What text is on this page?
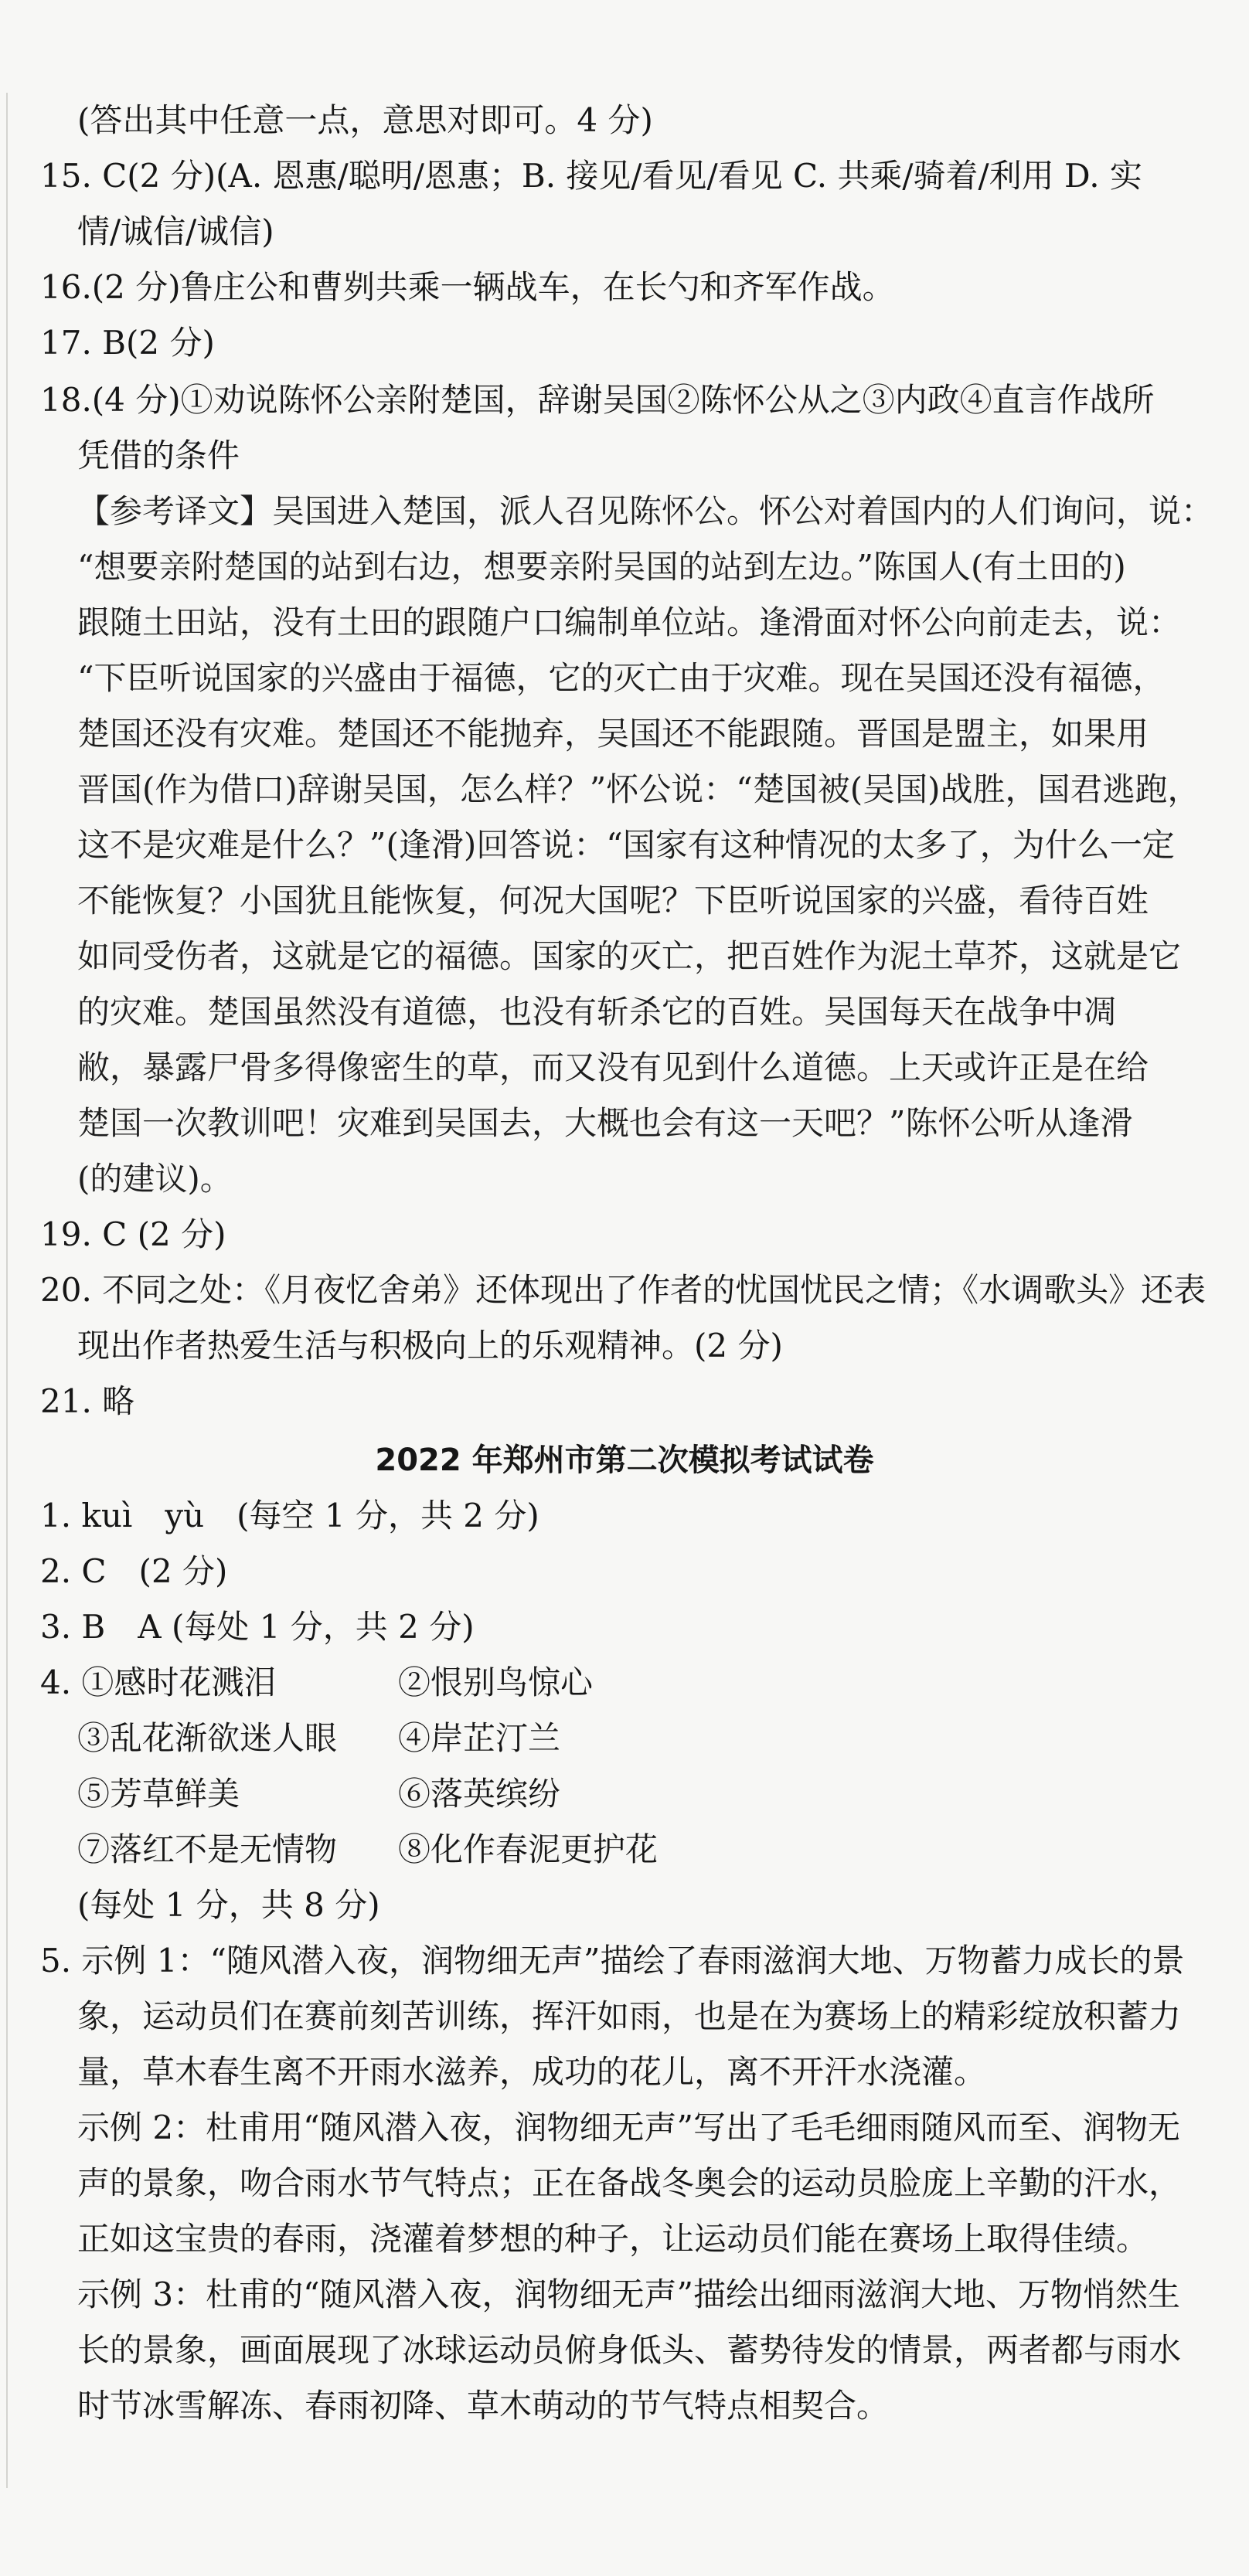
(答出其中任意一点，意思对即可。4 分)
15. C(2 分)(A. 恩惠/聪明/恩惠；B. 接见/看见/看见 C. 共乘/骑着/利用 D. 实
情/诚信/诚信)
16.(2 分)鲁庄公和曹刿共乘一辆战车，在长勺和齐军作战。
17. B(2 分)
18.(4 分)①劝说陈怀公亲附楚国，辞谢吴国②陈怀公从之③内政④直言作战所
凭借的条件
【参考译文】吴国进入楚国，派人召见陈怀公。怀公对着国内的人们询问，说：
“想要亲附楚国的站到右边，想要亲附吴国的站到左边。”陈国人(有土田的)
跟随土田站，没有土田的跟随户口编制单位站。逢滑面对怀公向前走去，说：
“下臣听说国家的兴盛由于福德，它的灭亡由于灾难。现在吴国还没有福德，
楚国还没有灾难。楚国还不能抛弃，吴国还不能跟随。晋国是盟主，如果用
晋国(作为借口)辞谢吴国，怎么样？”怀公说：“楚国被(吴国)战胜，国君逃跑，
这不是灾难是什么？”(逢滑)回答说：“国家有这种情况的太多了，为什么一定
不能恢复？小国犹且能恢复，何况大国呢？下臣听说国家的兴盛，看待百姓
如同受伤者，这就是它的福德。国家的灭亡，把百姓作为泥土草芥，这就是它
的灾难。楚国虽然没有道德，也没有斩杀它的百姓。吴国每天在战争中凋
敝，暴露尸骨多得像密生的草，而又没有见到什么道德。上天或许正是在给
楚国一次教训吧！灾难到吴国去，大概也会有这一天吧？”陈怀公听从逢滑
(的建议)。
19. C (2 分)
20. 不同之处：《月夜忆舍弟》还体现出了作者的忧国忧民之情；《水调歌头》还表
现出作者热爱生活与积极向上的乐观精神。(2 分)
21. 略
2022 年郑州市第二次模拟考试试卷
1. kuì　yù　(每空 1 分，共 2 分)
2. C　(2 分)
3. B　A (每处 1 分，共 2 分)
4. ①感时花溅泪	②恨别鸟惊心
③乱花渐欲迷人眼	④岸芷汀兰
⑤芳草鲜美	⑥落英缤纷
⑦落红不是无情物	⑧化作春泥更护花
(每处 1 分，共 8 分)
5. 示例 1：“随风潜入夜，润物细无声”描绘了春雨滋润大地、万物蓄力成长的景
象，运动员们在赛前刻苦训练，挥汗如雨，也是在为赛场上的精彩绽放积蓄力
量，草木春生离不开雨水滋养，成功的花儿，离不开汗水浇灌。
示例 2：杜甫用“随风潜入夜，润物细无声”写出了毛毛细雨随风而至、润物无
声的景象，吻合雨水节气特点；正在备战冬奥会的运动员脸庞上辛勤的汗水，
正如这宝贵的春雨，浇灌着梦想的种子，让运动员们能在赛场上取得佳绩。
示例 3：杜甫的“随风潜入夜，润物细无声”描绘出细雨滋润大地、万物悄然生
长的景象，画面展现了冰球运动员俯身低头、蓄势待发的情景，两者都与雨水
时节冰雪解冻、春雨初降、草木萌动的节气特点相契合。
